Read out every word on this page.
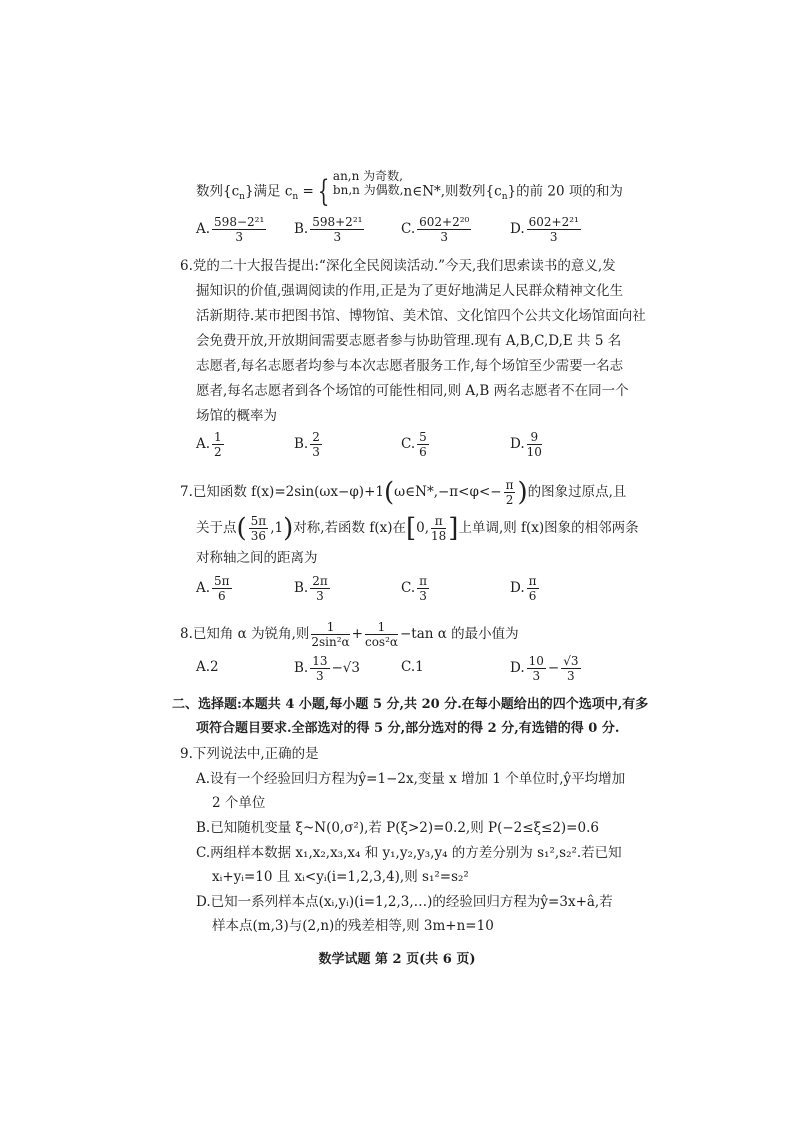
数列$\{c_n\}$满足 $c_n$ = { an,n 为奇数,
bn,n 为偶数, n∈N*,则数列$\{c_n\}$的前 20 项的和为
A. $\frac{\text{598−2²¹}}{3} B$. $\frac{\text{598+2²¹}}{3}$	C. $\frac{\text{602+2²⁰}}{3}$	D. $\frac{\text{602+2²¹}}{3}$
6.党的二十大报告提出:“深化全民阅读活动.”今天,我们思索读书的意义,发
掘知识的价值,强调阅读的作用,正是为了更好地满足人民群众精神文化生
活新期待.某市把图书馆、博物馆、美术馆、文化馆四个公共文化场馆面向社
会免费开放,开放期间需要志愿者参与协助管理.现有 A,B,C,D,E 共 5 名
志愿者,每名志愿者均参与本次志愿者服务工作,每个场馆至少需要一名志
愿者,每名志愿者到各个场馆的可能性相同,则 A,B 两名志愿者不在同一个
场馆的概率为
A. $\frac{1}{2}$	B. $\frac{2}{3}$	C. $\frac{5}{6}$	D. $\frac{9}{10}$
7.已知函数 f(x)=2sin(ωx−φ)+1(ω∈N*,−π<φ<− $\frac{\pi}{2}$ )的图象过原点,且
关于点( $\frac{5\pi}{36} ,1$)对称,若函数 f(x)在[0, $\frac{\pi}{18}$ ]上单调,则 f(x)图象的相邻两条
对称轴之间的距离为
A. $\frac{5\pi}{6}$	B. $\frac{2\pi}{3}$	C. $\frac{\pi}{3}$	D. $\frac{\pi}{6}$
8.已知角 α 为锐角,则 $\frac{1}{\text{2sin²α}} + \frac{1}{\text{cos²α}} -\tan$ α 的最小值为
A.2	B. $\frac{13}{3} -√3$	C.1	D. $\frac{10}{3} - \frac{√3}{3}$
二、选择题:本题共 4 小题,每小题 5 分,共 20 分.在每小题给出的四个选项中,有多
项符合题目要求.全部选对的得 5 分,部分选对的得 2 分,有选错的得 0 分.
9.下列说法中,正确的是
A.设有一个经验回归方程为ŷ=1−2x,变量 x 增加 1 个单位时,ŷ平均增加
2 个单位
B.已知随机变量 ξ~N(0,σ²),若 P(ξ>2)=0.2,则 P(−2≤ξ≤2)=0.6
C.两组样本数据 x₁,x₂,x₃,x₄ 和 y₁,y₂,y₃,y₄ 的方差分别为 s₁²,s₂².若已知
xᵢ+yᵢ=10 且 xᵢ<yᵢ(i=1,2,3,4),则 s₁²=s₂²
D.已知一系列样本点(xᵢ,yᵢ)(i=1,2,3,…)的经验回归方程为ŷ=3x+â,若
样本点(m,3)与(2,n)的残差相等,则 3m+n=10
数学试题 第 2 页(共 6 页)
